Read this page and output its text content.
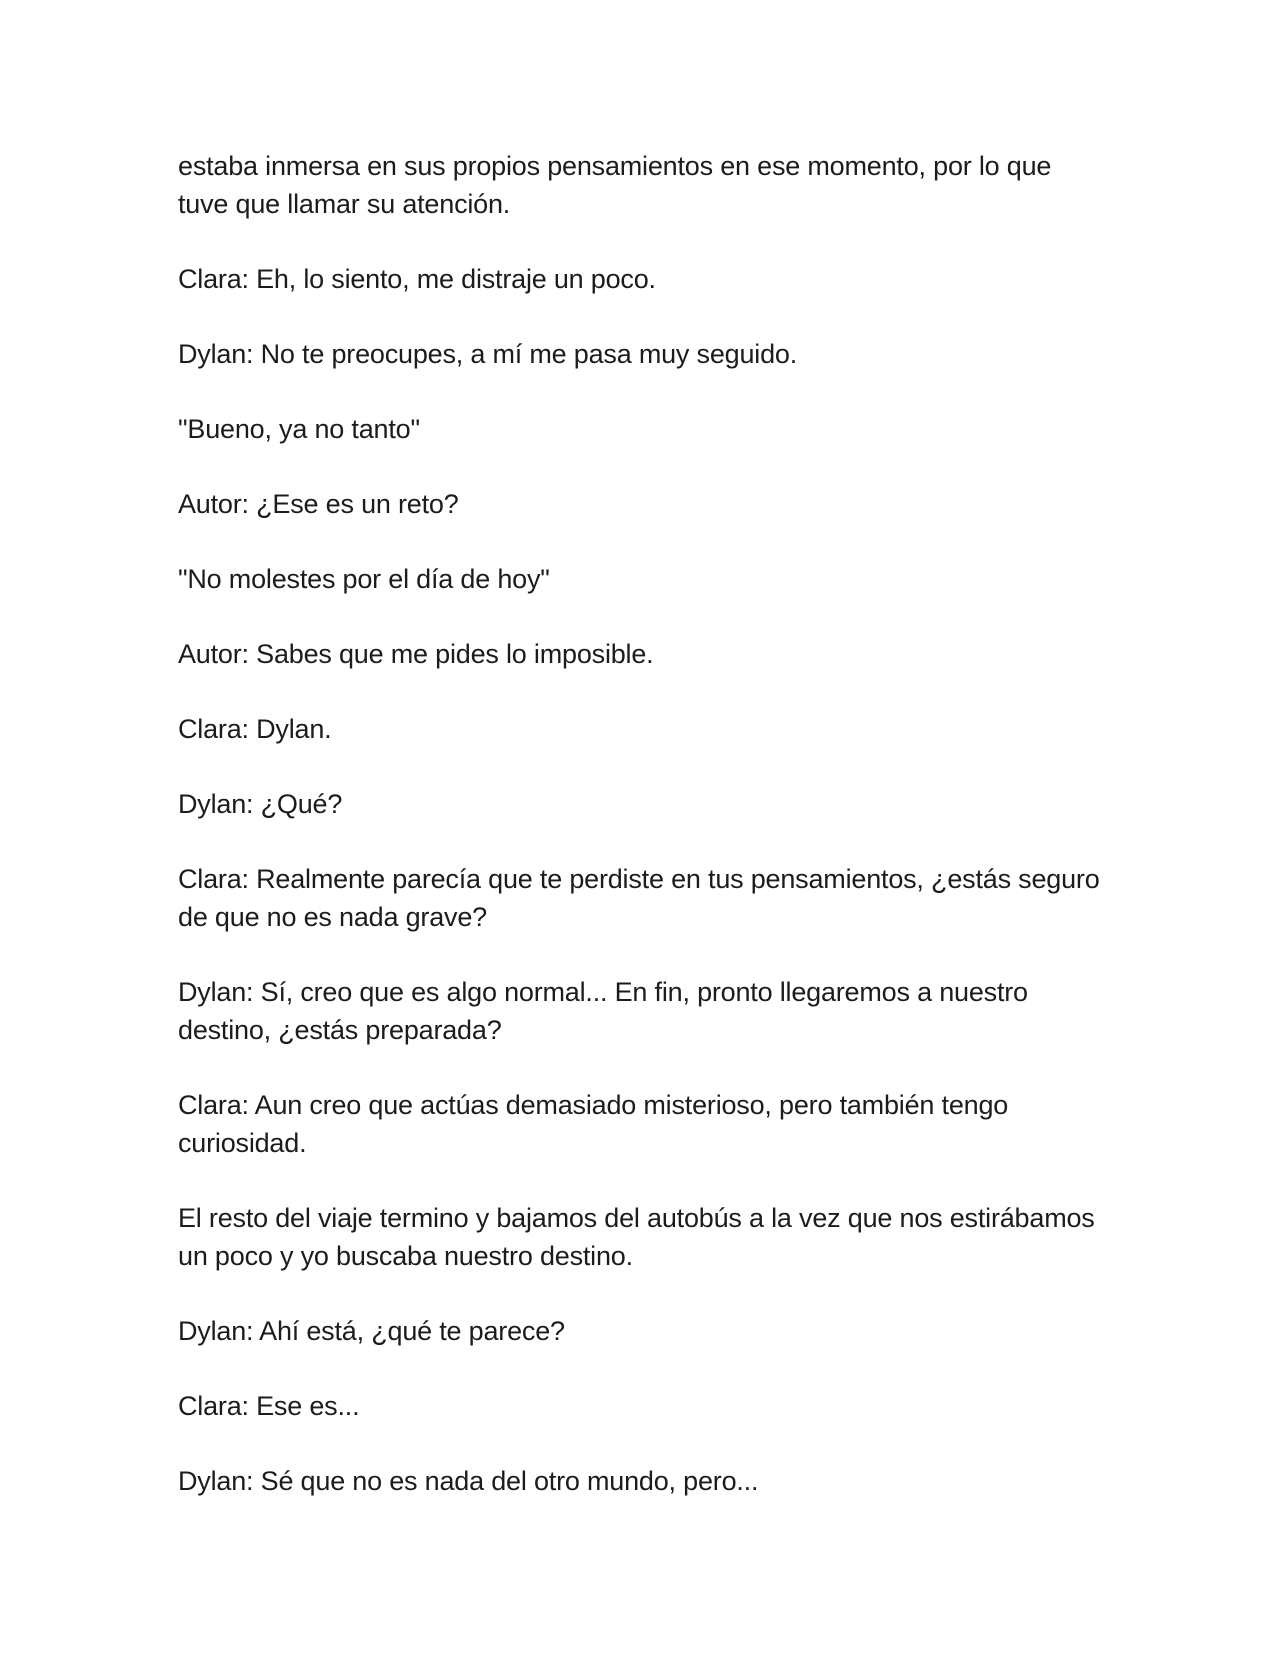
estaba inmersa en sus propios pensamientos en ese momento, por lo que tuve que llamar su atención.

Clara: Eh, lo siento, me distraje un poco.

Dylan: No te preocupes, a mí me pasa muy seguido.

"Bueno, ya no tanto"

Autor: ¿Ese es un reto?

"No molestes por el día de hoy"

Autor: Sabes que me pides lo imposible.

Clara: Dylan.

Dylan: ¿Qué?

Clara: Realmente parecía que te perdiste en tus pensamientos, ¿estás seguro de que no es nada grave?

Dylan: Sí, creo que es algo normal... En fin, pronto llegaremos a nuestro destino, ¿estás preparada?

Clara: Aun creo que actúas demasiado misterioso, pero también tengo curiosidad.

El resto del viaje termino y bajamos del autobús a la vez que nos estirábamos un poco y yo buscaba nuestro destino.

Dylan: Ahí está, ¿qué te parece?

Clara: Ese es...

Dylan: Sé que no es nada del otro mundo, pero...
